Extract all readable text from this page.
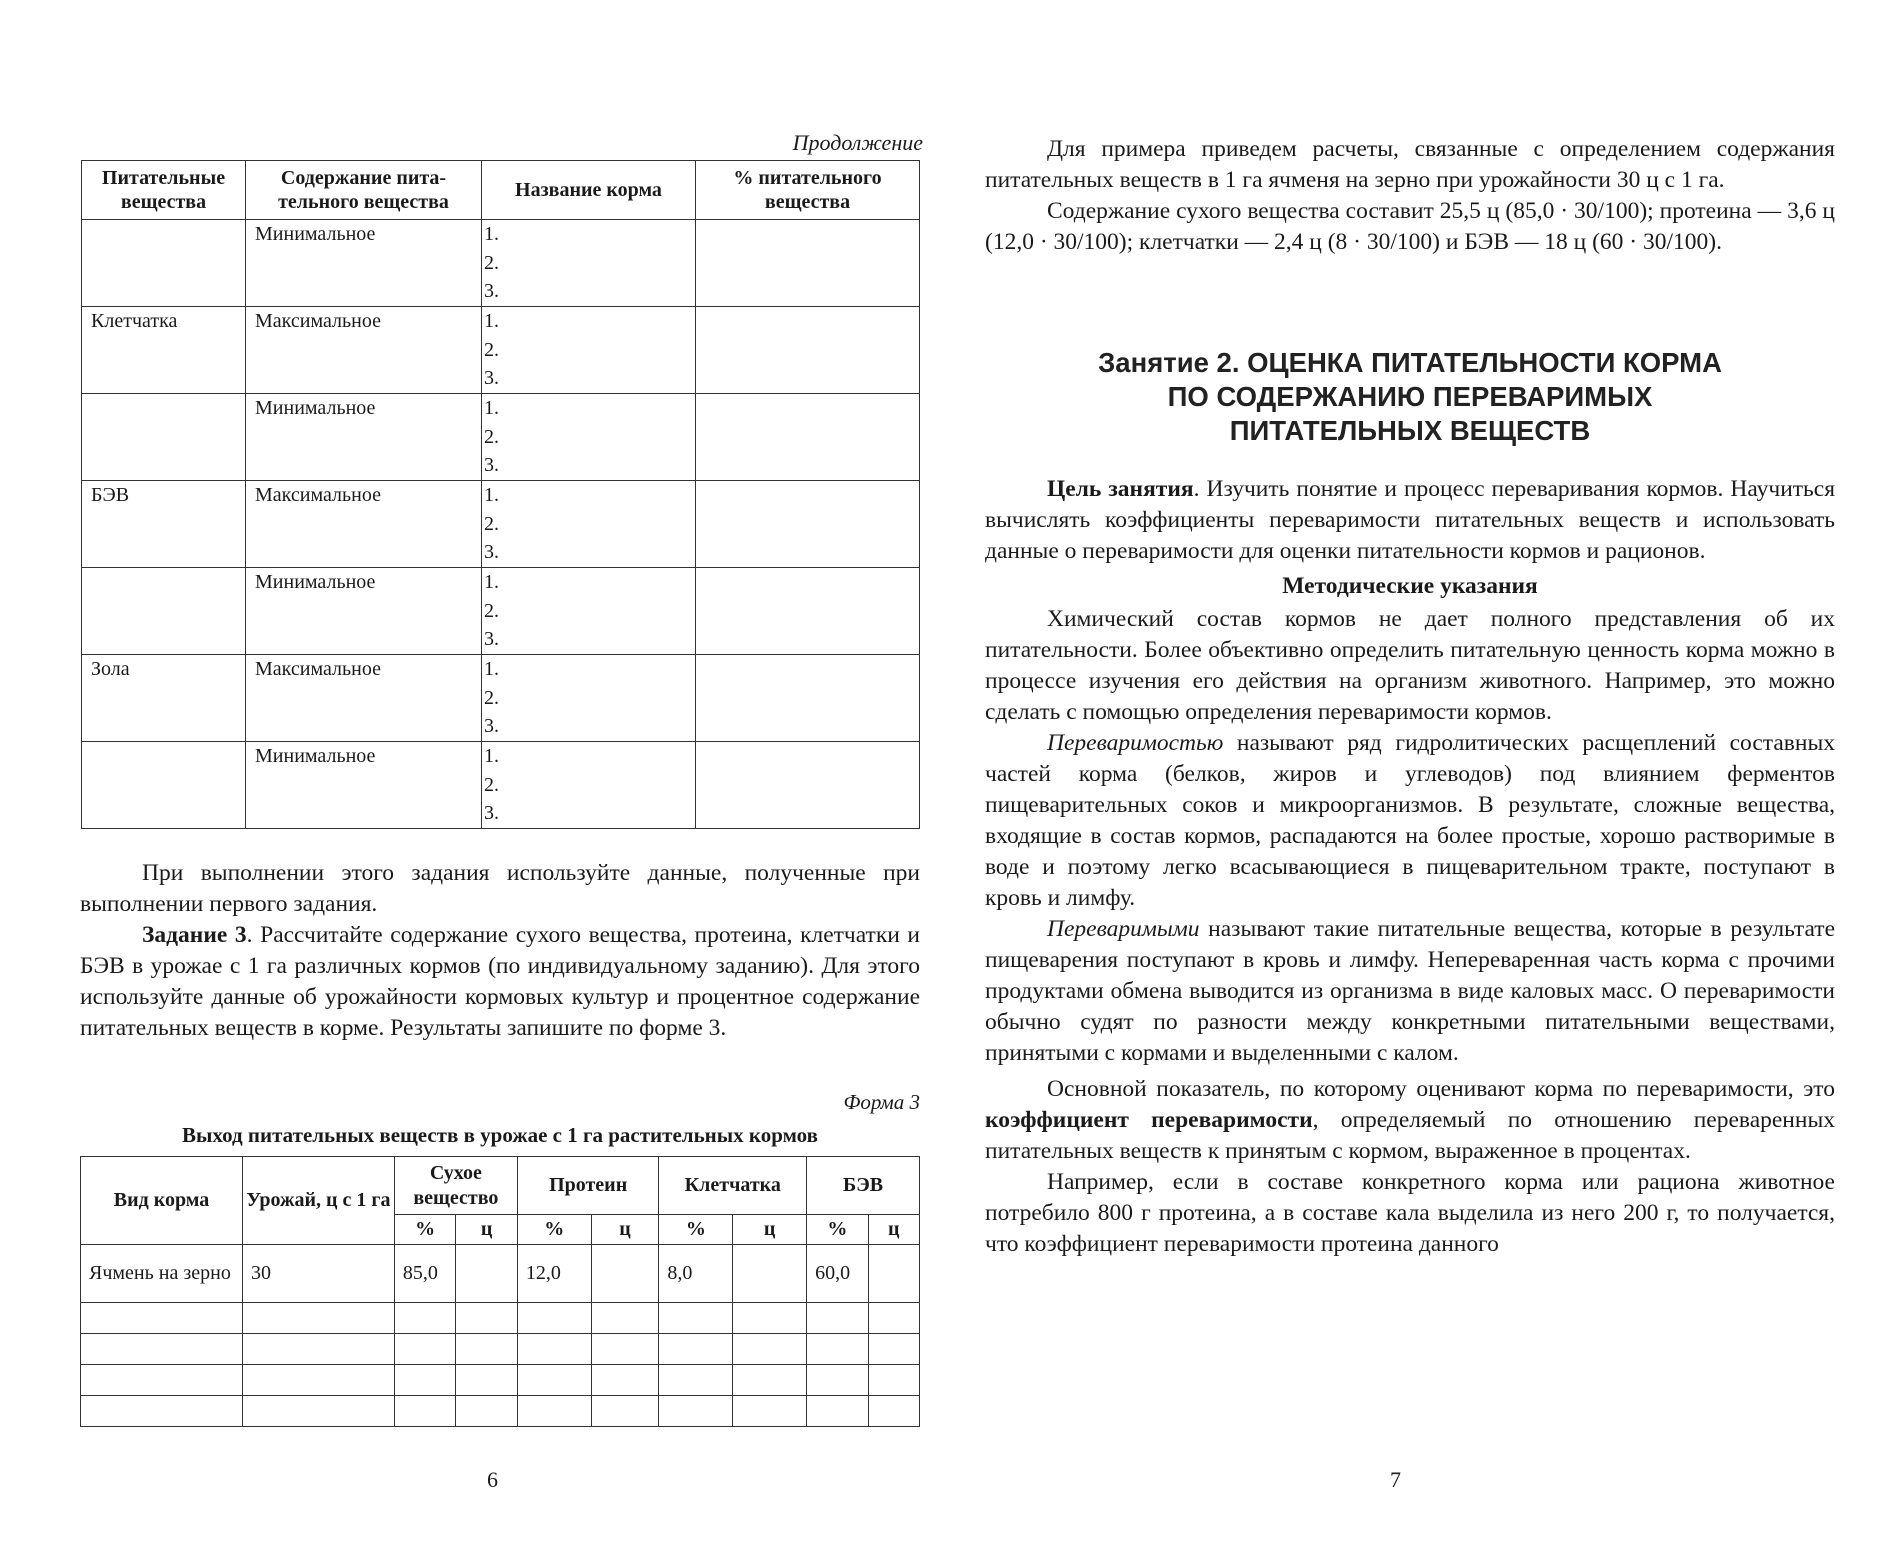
Продолжение
Питательные вещества	Содержание пита-тельного вещества	Название корма	% питательного вещества
	Минимальное	1.
2.
3.	

Клетчатка	Максимальное	1.
2.
3.	

	Минимальное	1.
2.
3.	

БЭВ	Максимальное	1.
2.
3.	

	Минимальное	1.
2.
3.	

Зола	Максимальное	1.
2.
3.	

	Минимальное	1.
2.
3.	

При выполнении этого задания используйте данные, полученные при выполнении первого задания.

Задание 3. Рассчитайте содержание сухого вещества, протеина, клетчатки и БЭВ в урожае с 1 га различных кормов (по индивидуальному заданию). Для этого используйте данные об урожайности кормовых культур и процентное содержание питательных веществ в корме. Результаты запишите по форме 3.

Форма 3
Выход питательных веществ в урожае с 1 га растительных кормов
Вид корма	Урожай, ц с 1 га	Сухое вещество		Протеин		Клетчатка		БЭВ	
		%	ц	%	ц	%	ц	%	ц
Ячмень на зерно	30	85,0		12,0		8,0		60,0	

6

Для примера приведем расчеты, связанные с определением содержания питательных веществ в 1 га ячменя на зерно при урожайности 30 ц с 1 га.

Содержание сухого вещества составит 25,5 ц (85,0 · 30/100); протеина — 3,6 ц (12,0 · 30/100); клетчатки — 2,4 ц (8 · 30/100) и БЭВ — 18 ц (60 · 30/100).

Занятие 2. ОЦЕНКА ПИТАТЕЛЬНОСТИ КОРМА
ПО СОДЕРЖАНИЮ ПЕРЕВАРИМЫХ
ПИТАТЕЛЬНЫХ ВЕЩЕСТВ

Цель занятия. Изучить понятие и процесс переваривания кормов. Научиться вычислять коэффициенты переваримости питательных веществ и использовать данные о переваримости для оценки питательности кормов и рационов.

Методические указания

Химический состав кормов не дает полного представления об их питательности. Более объективно определить питательную ценность корма можно в процессе изучения его действия на организм животного. Например, это можно сделать с помощью определения переваримости кормов.

Переваримостью называют ряд гидролитических расщеплений составных частей корма (белков, жиров и углеводов) под влиянием ферментов пищеварительных соков и микроорганизмов. В результате, сложные вещества, входящие в состав кормов, распадаются на более простые, хорошо растворимые в воде и поэтому легко всасывающиеся в пищеварительном тракте, поступают в кровь и лимфу.

Переваримыми называют такие питательные вещества, которые в результате пищеварения поступают в кровь и лимфу. Непереваренная часть корма с прочими продуктами обмена выводится из организма в виде каловых масс. О переваримости обычно судят по разности между конкретными питательными веществами, принятыми с кормами и выделенными с калом.

Основной показатель, по которому оценивают корма по переваримости, это коэффициент переваримости, определяемый по отношению переваренных питательных веществ к принятым с кормом, выраженное в процентах.

Например, если в составе конкретного корма или рациона животное потребило 800 г протеина, а в составе кала выделила из него 200 г, то получается, что коэффициент переваримости протеина данного

7
